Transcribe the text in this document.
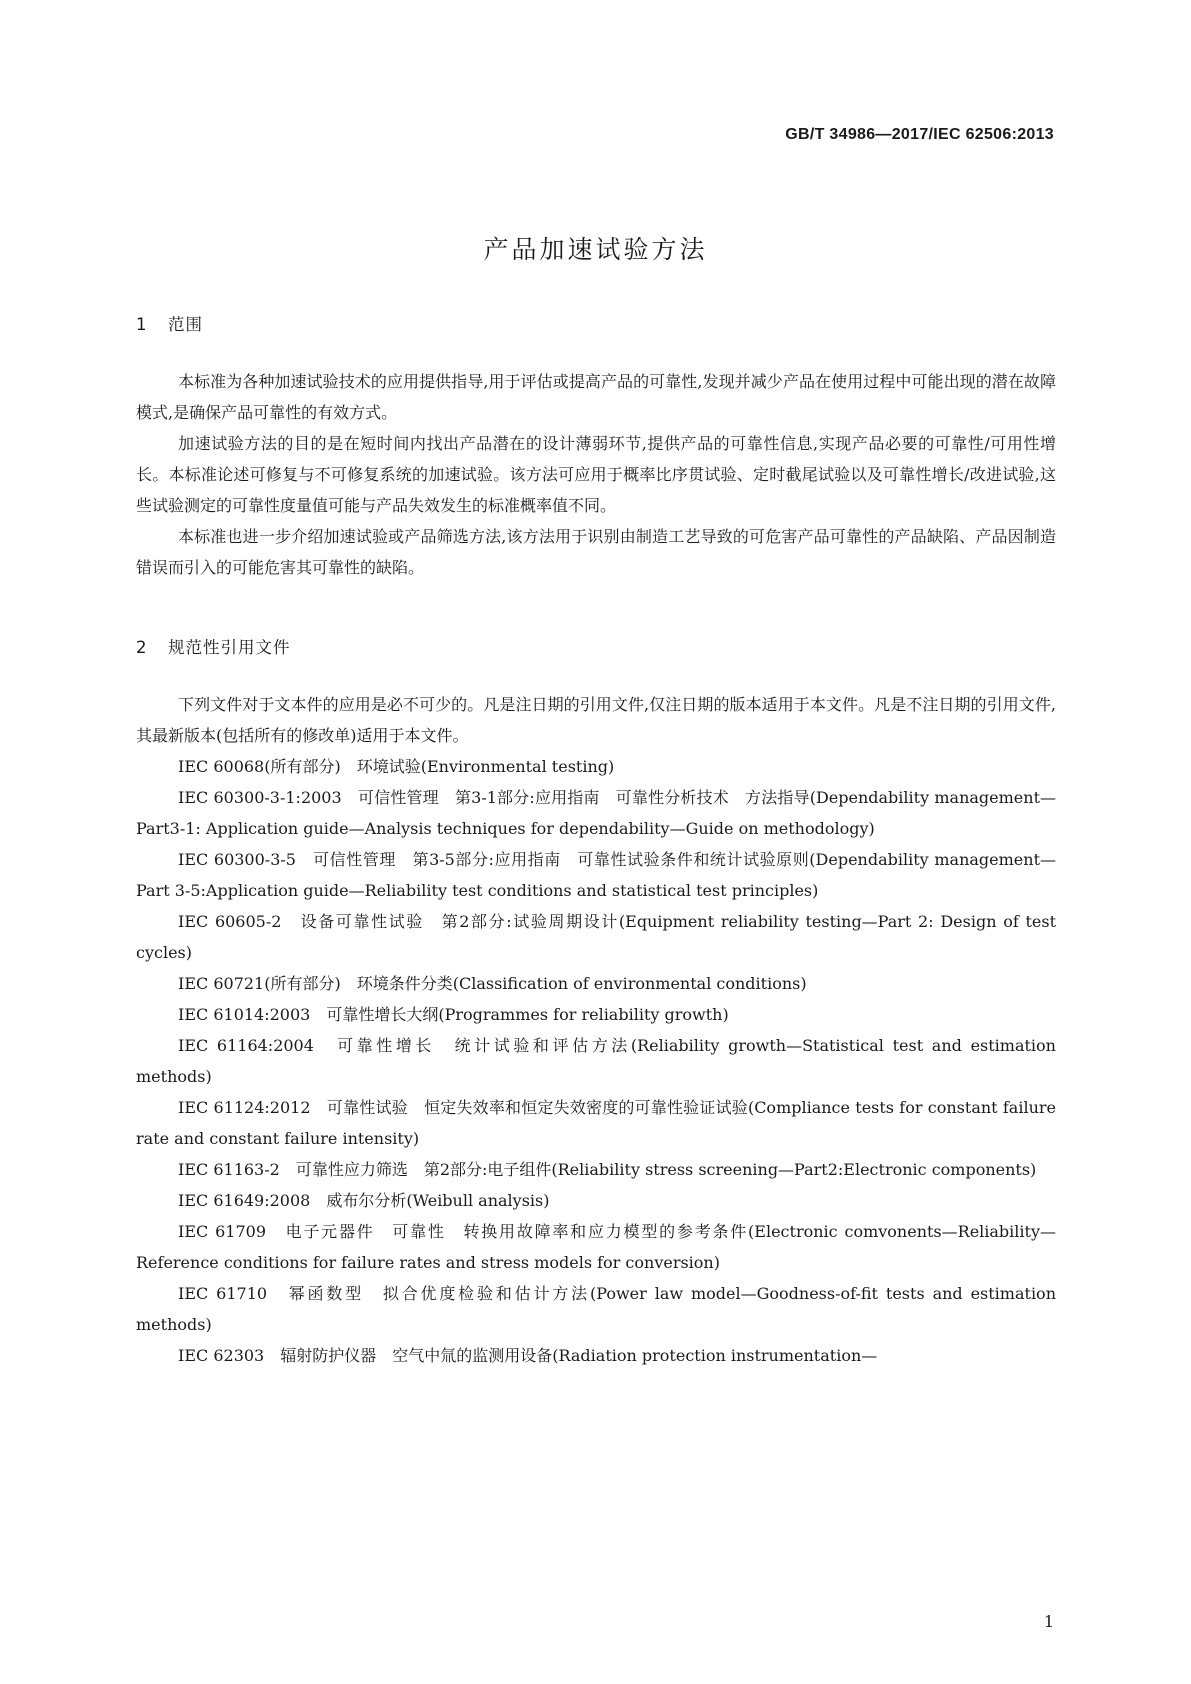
GB/T 34986—2017/IEC 62506:2013
产品加速试验方法
1 范围

本标准为各种加速试验技术的应用提供指导,用于评估或提高产品的可靠性,发现并减少产品在使用过程中可能出现的潜在故障模式,是确保产品可靠性的有效方式。

加速试验方法的目的是在短时间内找出产品潜在的设计薄弱环节,提供产品的可靠性信息,实现产品必要的可靠性/可用性增长。本标准论述可修复与不可修复系统的加速试验。该方法可应用于概率比序贯试验、定时截尾试验以及可靠性增长/改进试验,这些试验测定的可靠性度量值可能与产品失效发生的标准概率值不同。

本标准也进一步介绍加速试验或产品筛选方法,该方法用于识别由制造工艺导致的可危害产品可靠性的产品缺陷、产品因制造错误而引入的可能危害其可靠性的缺陷。

2 规范性引用文件

下列文件对于文本件的应用是必不可少的。凡是注日期的引用文件,仅注日期的版本适用于本文件。凡是不注日期的引用文件,其最新版本(包括所有的修改单)适用于本文件。

IEC 60068(所有部分)　环境试验(Environmental testing)

IEC 60300-3-1:2003　可信性管理　第3-1部分:应用指南　可靠性分析技术　方法指导(Dependability management—Part3-1: Application guide—Analysis techniques for dependability—Guide on methodology)

IEC 60300-3-5　可信性管理　第3-5部分:应用指南　可靠性试验条件和统计试验原则(Dependability management—Part 3-5:Application guide—Reliability test conditions and statistical test principles)

IEC 60605-2　设备可靠性试验　第2部分:试验周期设计(Equipment reliability testing—Part 2: Design of test cycles)

IEC 60721(所有部分)　环境条件分类(Classification of environmental conditions)

IEC 61014:2003　可靠性增长大纲(Programmes for reliability growth)

IEC 61164:2004　可靠性增长　统计试验和评估方法(Reliability growth—Statistical test and estimation methods)

IEC 61124:2012　可靠性试验　恒定失效率和恒定失效密度的可靠性验证试验(Compliance tests for constant failure rate and constant failure intensity)

IEC 61163-2　可靠性应力筛选　第2部分:电子组件(Reliability stress screening—Part2:Electronic components)

IEC 61649:2008　威布尔分析(Weibull analysis)

IEC 61709　电子元器件　可靠性　转换用故障率和应力模型的参考条件(Electronic comvonents—Reliability—Reference conditions for failure rates and stress models for conversion)

IEC 61710　幂函数型　拟合优度检验和估计方法(Power law model—Goodness-of-fit tests and estimation methods)

IEC 62303　辐射防护仪器　空气中氚的监测用设备(Radiation protection instrumentation—

1
